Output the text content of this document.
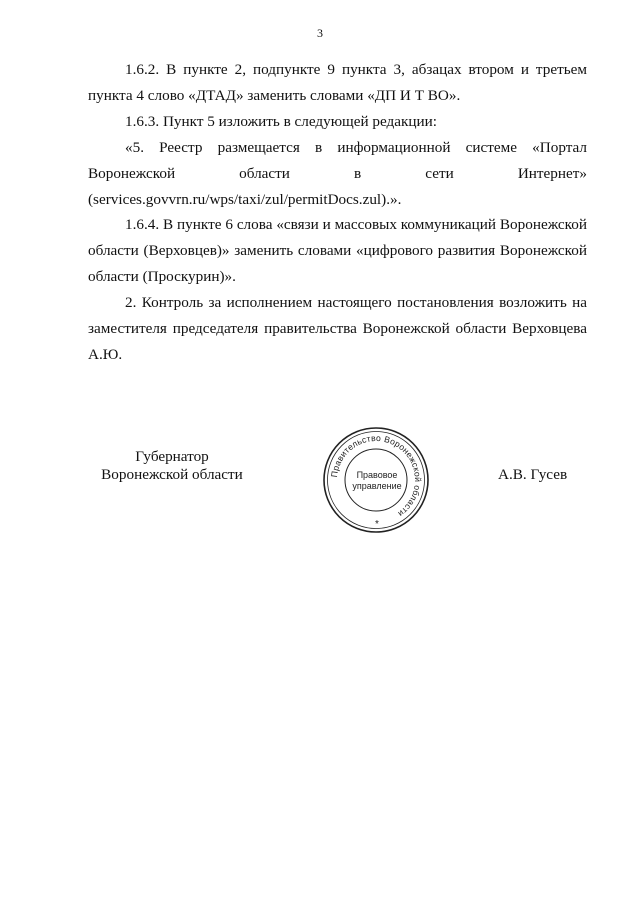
3

1.6.2. В пункте 2, подпункте 9 пункта 3, абзацах втором и третьем пункта 4 слово «ДТАД» заменить словами «ДП И Т ВО».

1.6.3. Пункт 5 изложить в следующей редакции:

«5. Реестр размещается в информационной системе «Портал Воронежской области в сети Интернет» (services.govvrn.ru/wps/taxi/zul/permitDocs.zul).».

1.6.4. В пункте 6 слова «связи и массовых коммуникаций Воронежской области (Верховцев)» заменить словами «цифрового развития Воронежской области (Проскурин)».

2. Контроль за исполнением настоящего постановления возложить на заместителя председателя правительства Воронежской области Верховцева А.Ю.

Губернатор
Воронежской области	Правительство Воронежской области
Правовое
управление
*
А.В. Гусев
